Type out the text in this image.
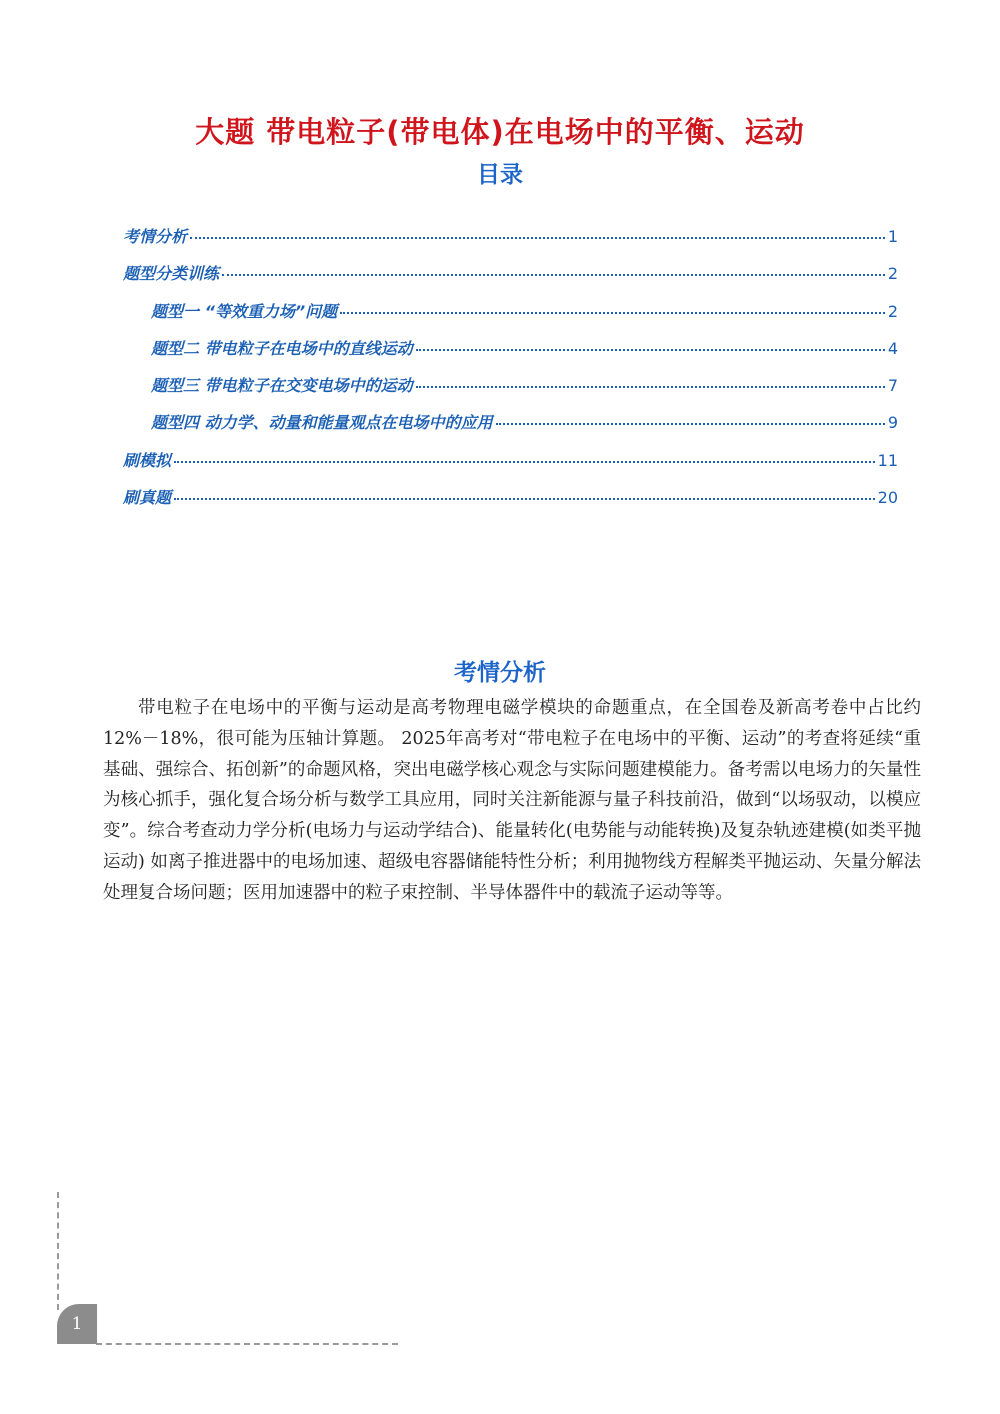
大题 带电粒子(带电体)在电场中的平衡、运动
目录
考情分析	1
题型分类训练	2
题型一 “等效重力场”问题	2
题型二 带电粒子在电场中的直线运动	4
题型三 带电粒子在交变电场中的运动	7
题型四 动力学、动量和能量观点在电场中的应用	9
刷模拟	11
刷真题	20
考情分析

带电粒子在电场中的平衡与运动是高考物理电磁学模块的命题重点，在全国卷及新高考卷中占比约12%－18%，很可能为压轴计算题。 2025年高考对“带电粒子在电场中的平衡、运动”的考查将延续“重基础、强综合、拓创新”的命题风格，突出电磁学核心观念与实际问题建模能力。备考需以电场力的矢量性为核心抓手，强化复合场分析与数学工具应用，同时关注新能源与量子科技前沿，做到“以场驭动，以模应变”。综合考查动力学分析(电场力与运动学结合)、能量转化(电势能与动能转换)及复杂轨迹建模(如类平抛运动) 如离子推进器中的电场加速、超级电容器储能特性分析；利用抛物线方程解类平抛运动、矢量分解法处理复合场问题；医用加速器中的粒子束控制、半导体器件中的载流子运动等等。

1
